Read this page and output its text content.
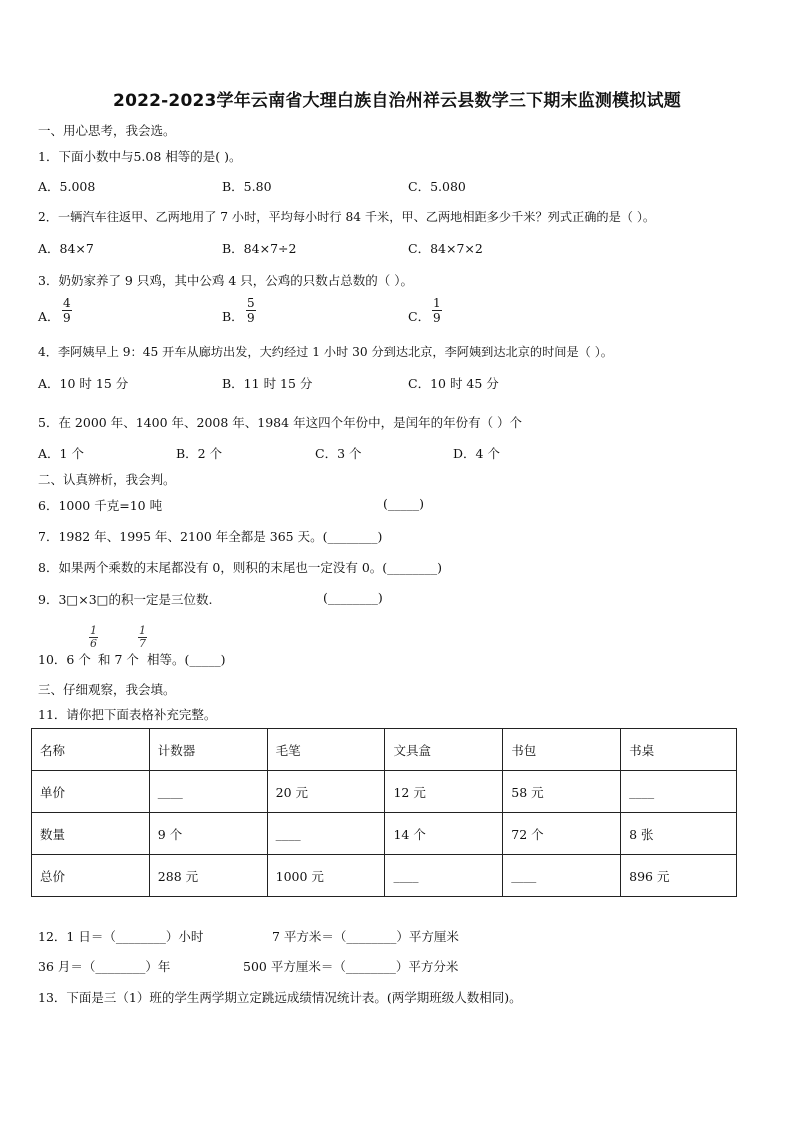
2022-2023学年云南省大理白族自治州祥云县数学三下期末监测模拟试题
一、用心思考，我会选。
1．下面小数中与5.08 相等的是( )。
A．5.008	B．5.80	C．5.080
2．一辆汽车往返甲、乙两地用了 7 小时，平均每小时行 84 千米，甲、乙两地相距多少千米？列式正确的是（ ）。
A．84×7	B．84×7÷2	C．84×7×2
3．奶奶家养了 9 只鸡，其中公鸡 4 只，公鸡的只数占总数的（ ）。
A． $\frac{4}{9}$	B． $\frac{5}{9}$	C． $\frac{1}{9}$
4．李阿姨早上 9：45 开车从廊坊出发，大约经过 1 小时 30 分到达北京，李阿姨到达北京的时间是（ ）。
A．10 时 15 分	B．11 时 15 分	C．10 时 45 分
5．在 2000 年、1400 年、2008 年、1984 年这四个年份中，是闰年的年份有（ ）个
A．1 个	B．2 个	C．3 个	D．4 个
二、认真辨析，我会判。
6．1000 千克=10 吨	(_____)
7．1982 年、1995 年、2100 年全都是 365 天。(________)
8．如果两个乘数的末尾都没有 0，则积的末尾也一定没有 0。(________)
9．3□×3□的积一定是三位数.	(________)
10．6 个
$\frac{1}{6}$
和 7 个
$\frac{1}{7}$
相等。(_____)
三、仔细观察，我会填。
11．请你把下面表格补充完整。
名称	计数器	毛笔	文具盒	书包	书桌
单价	____	20 元	12 元	58 元	____
数量	9 个	____	14 个	72 个	8 张
总价	288 元	1000 元	____	____	896 元
12．1 日＝（________）小时	7 平方米＝（________）平方厘米
36 月＝（________）年	500 平方厘米＝（________）平方分米
13．下面是三（1）班的学生两学期立定跳远成绩情况统计表。(两学期班级人数相同)。
